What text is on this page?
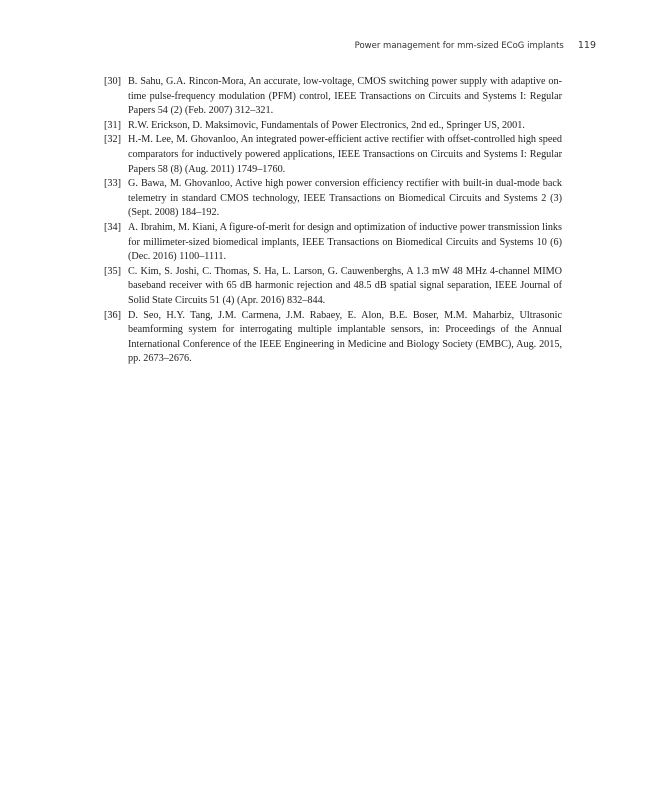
Power management for mm-sized ECoG implants 119
[30] B. Sahu, G.A. Rincon-Mora, An accurate, low-voltage, CMOS switching power supply with adaptive on-time pulse-frequency modulation (PFM) control, IEEE Transactions on Circuits and Systems I: Regular Papers 54 (2) (Feb. 2007) 312–321.
[31] R.W. Erickson, D. Maksimovic, Fundamentals of Power Electronics, 2nd ed., Springer US, 2001.
[32] H.-M. Lee, M. Ghovanloo, An integrated power-efficient active rectifier with offset-controlled high speed comparators for inductively powered applications, IEEE Transactions on Circuits and Systems I: Regular Papers 58 (8) (Aug. 2011) 1749–1760.
[33] G. Bawa, M. Ghovanloo, Active high power conversion efficiency rectifier with built-in dual-mode back telemetry in standard CMOS technology, IEEE Transactions on Biomedical Circuits and Systems 2 (3) (Sept. 2008) 184–192.
[34] A. Ibrahim, M. Kiani, A figure-of-merit for design and optimization of inductive power transmission links for millimeter-sized biomedical implants, IEEE Transactions on Biomedical Circuits and Systems 10 (6) (Dec. 2016) 1100–1111.
[35] C. Kim, S. Joshi, C. Thomas, S. Ha, L. Larson, G. Cauwenberghs, A 1.3 mW 48 MHz 4-channel MIMO baseband receiver with 65 dB harmonic rejection and 48.5 dB spatial signal separation, IEEE Journal of Solid State Circuits 51 (4) (Apr. 2016) 832–844.
[36] D. Seo, H.Y. Tang, J.M. Carmena, J.M. Rabaey, E. Alon, B.E. Boser, M.M. Maharbiz, Ultrasonic beamforming system for interrogating multiple implantable sensors, in: Proceedings of the Annual International Conference of the IEEE Engineering in Medicine and Biology Society (EMBC), Aug. 2015, pp. 2673–2676.
